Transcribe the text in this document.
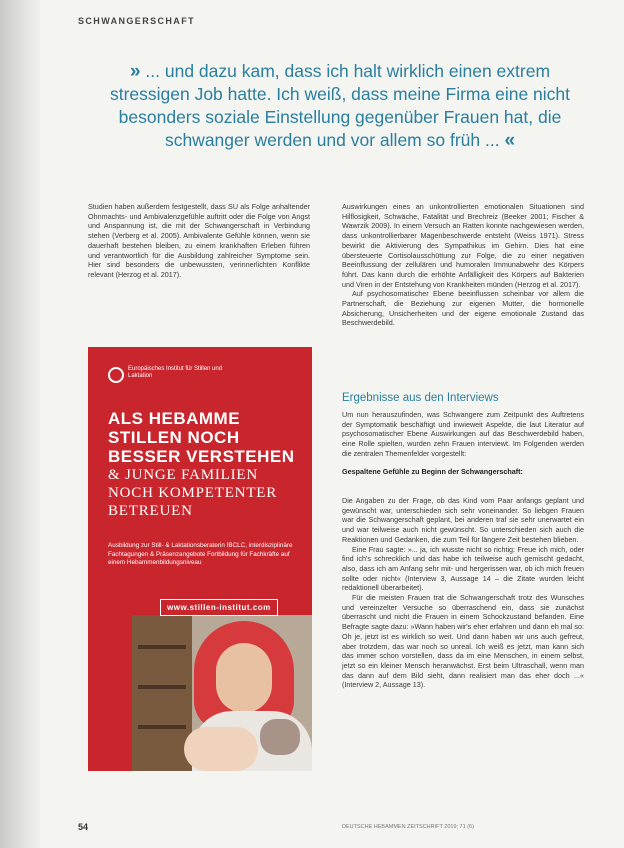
SCHWANGERSCHAFT
» ... und dazu kam, dass ich halt wirklich einen extrem stressigen Job hatte. Ich weiß, dass meine Firma eine nicht besonders soziale Einstellung gegenüber Frauen hat, die schwanger werden und vor allem so früh ... «

Studien haben außerdem festgestellt, dass SU als Folge anhaltender Ohnmachts- und Ambivalenzgefühle auftritt oder die Folge von Angst und Anspannung ist, die mit der Schwangerschaft in Verbindung stehen (Verberg et al. 2005). Ambivalente Gefühle können, wenn sie dauerhaft bestehen bleiben, zu einem krankhaften Erleben führen und verantwortlich für die Ausbildung zahlreicher Symptome sein. Hier sind besonders die unbewussten, verinnerlichten Konflikte relevant (Herzog et al. 2017).

Auswirkungen eines an unkontrollierten emotionalen Situationen sind Hilflosigkeit, Schwäche, Fatalität und Brechreiz (Beeker 2001; Fischer & Wawrzik 2009). In einem Versuch an Ratten konnte nachgewiesen werden, dass unkontrollierbarer Magenbeschwerde entsteht (Weiss 1971). Stress bewirkt die Aktivierung des Sympathikus im Gehirn. Dies hat eine übersteuerte Cortisolausschüttung zur Folge, die zu einer negativen Beeinflussung der zellulären und humoralen Immunabwehr des Körpers führt. Das kann durch die erhöhte Anfälligkeit des Körpers auf Bakterien und Viren in der Entstehung von Krankheiten münden (Herzog et al. 2017).

Auf psychosomatischer Ebene beeinflussen scheinbar vor allem die Partnerschaft, die Beziehung zur eigenen Mutter, die hormonelle Absicherung, Unsicherheiten und der eigene emotionale Zustand das Beschwerdebild.

Ergebnisse aus den Interviews

Um nun herauszufinden, was Schwangere zum Zeitpunkt des Auftretens der Symptomatik beschäftigt und inwieweit Aspekte, die laut Literatur auf psychosomatischer Ebene Auswirkungen auf das Beschwerdebild haben, eine Rolle spielten, wurden zehn Frauen interviewt. Im Folgenden werden die zentralen Themenfelder vorgestellt:

Gespaltene Gefühle zu Beginn der Schwangerschaft:

Die Angaben zu der Frage, ob das Kind vom Paar anfangs geplant und gewünscht war, unterschieden sich sehr voneinander. So liebgen Frauen war die Schwangerschaft geplant, bei anderen traf sie sehr unerwartet ein und war teilweise auch nicht gewünscht. So unterschieden sich auch die Reaktionen und Gedanken, die zum Teil für längere Zeit bestehen blieben.

Eine Frau sagte: »... ja, ich wusste nicht so richtig: Freue ich mich, oder find ich's schrecklich und das habe ich teilweise auch gemischt gedacht, also, dass ich am Anfang sehr mit- und hergerissen war, ob ich mich freuen sollte oder nicht« (Interview 3, Aussage 14 – die Zitate wurden leicht redaktionell überarbeitet).

Für die meisten Frauen trat die Schwangerschaft trotz des Wunsches und vereinzelter Versuche so überraschend ein, dass sie zunächst überrascht und nicht die Frauen in einem Schockzustand befanden. Eine Befragte sagte dazu: »Wann haben wir's eher erfahren und dann eh mal so: Oh je, jetzt ist es wirklich so weit. Und dann haben wir uns auch gefreut, aber trotzdem, das war noch so unreal. Ich weiß es jetzt, man kann sich das immer schon vorstellen, dass da im eine Menschen, in einem selbst, jetzt so ein kleiner Mensch heranwächst. Erst beim Ultraschall, wenn man das dann auf dem Bild sieht, dann realisiert man das eher doch ...« (Interview 2, Aussage 13).

Europäisches Institut für Stillen und Laktation
ALS HEBAMME STILLEN NOCH BESSER VERSTEHEN
& JUNGE FAMILIEN NOCH KOMPETENTER BETREUEN
Ausbildung zur Still- & Laktationsberaterin IBCLC, interdisziplinäre Fachtagungen & Präsenzangebote Fortbildung für Fachkräfte auf einem Hebammenbildungsniveau
www.stillen-institut.com
54	DEUTSCHE HEBAMMEN ZEITSCHRIFT 2019; 71 (6)
